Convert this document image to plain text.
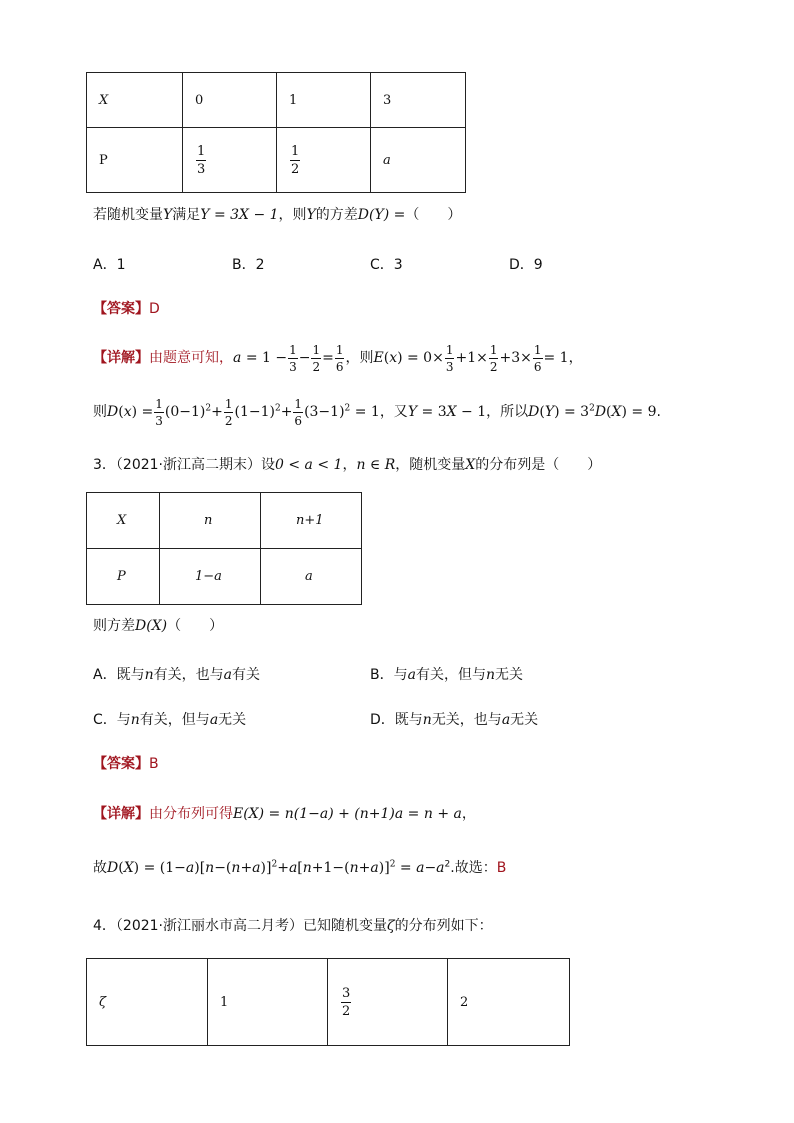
X	0	1	3
P	$\frac{1}{3}$	$\frac{1}{2}$	a
若随机变量Y满足Y = 3X − 1，则Y的方差D(Y) =（　　）
A．1	B．2	C．3	D．9
【答案】D
【详解】 由题意可知， a
= $1 - \frac{1}{3} - \frac{1}{2} = \frac{1}{6}$ ，则 E ( x ) = $0\times \frac{1}{3} +1\times \frac{1}{2} +3\times \frac{1}{6} = 1$ ，
则 D ( x ) = $\frac{1}{3} (0-1)^2+ \frac{1}{2} (1-1)^2+ \frac{1}{6} (3-1)^2 = 1$ ，又 Y = 3 X − 1 ，所以 D ( Y ) = $3^2$ D ( X ) = 9 .
3．（2021·浙江高二期末）设0 < a < 1，n ∈ R，随机变量X的分布列是（　　）
X	n	n+1
P	1−a	a
则方差D(X)（　　）
A．既与n有关，也与a有关	B．与a有关，但与n无关
C．与n有关，但与a无关	D．既与n无关，也与a无关
【答案】B
【详解】由分布列可得E(X) = n(1−a) + (n+1)a = n + a，
故$D(X) = (1-a)[n-(n+a)]^2+a[n+1-(n+a)]^2 = a-a^2$.故选：B
4．（2021·浙江丽水市高二月考）已知随机变量ζ的分布列如下：
ζ	1	$\frac{3}{2}$	2
